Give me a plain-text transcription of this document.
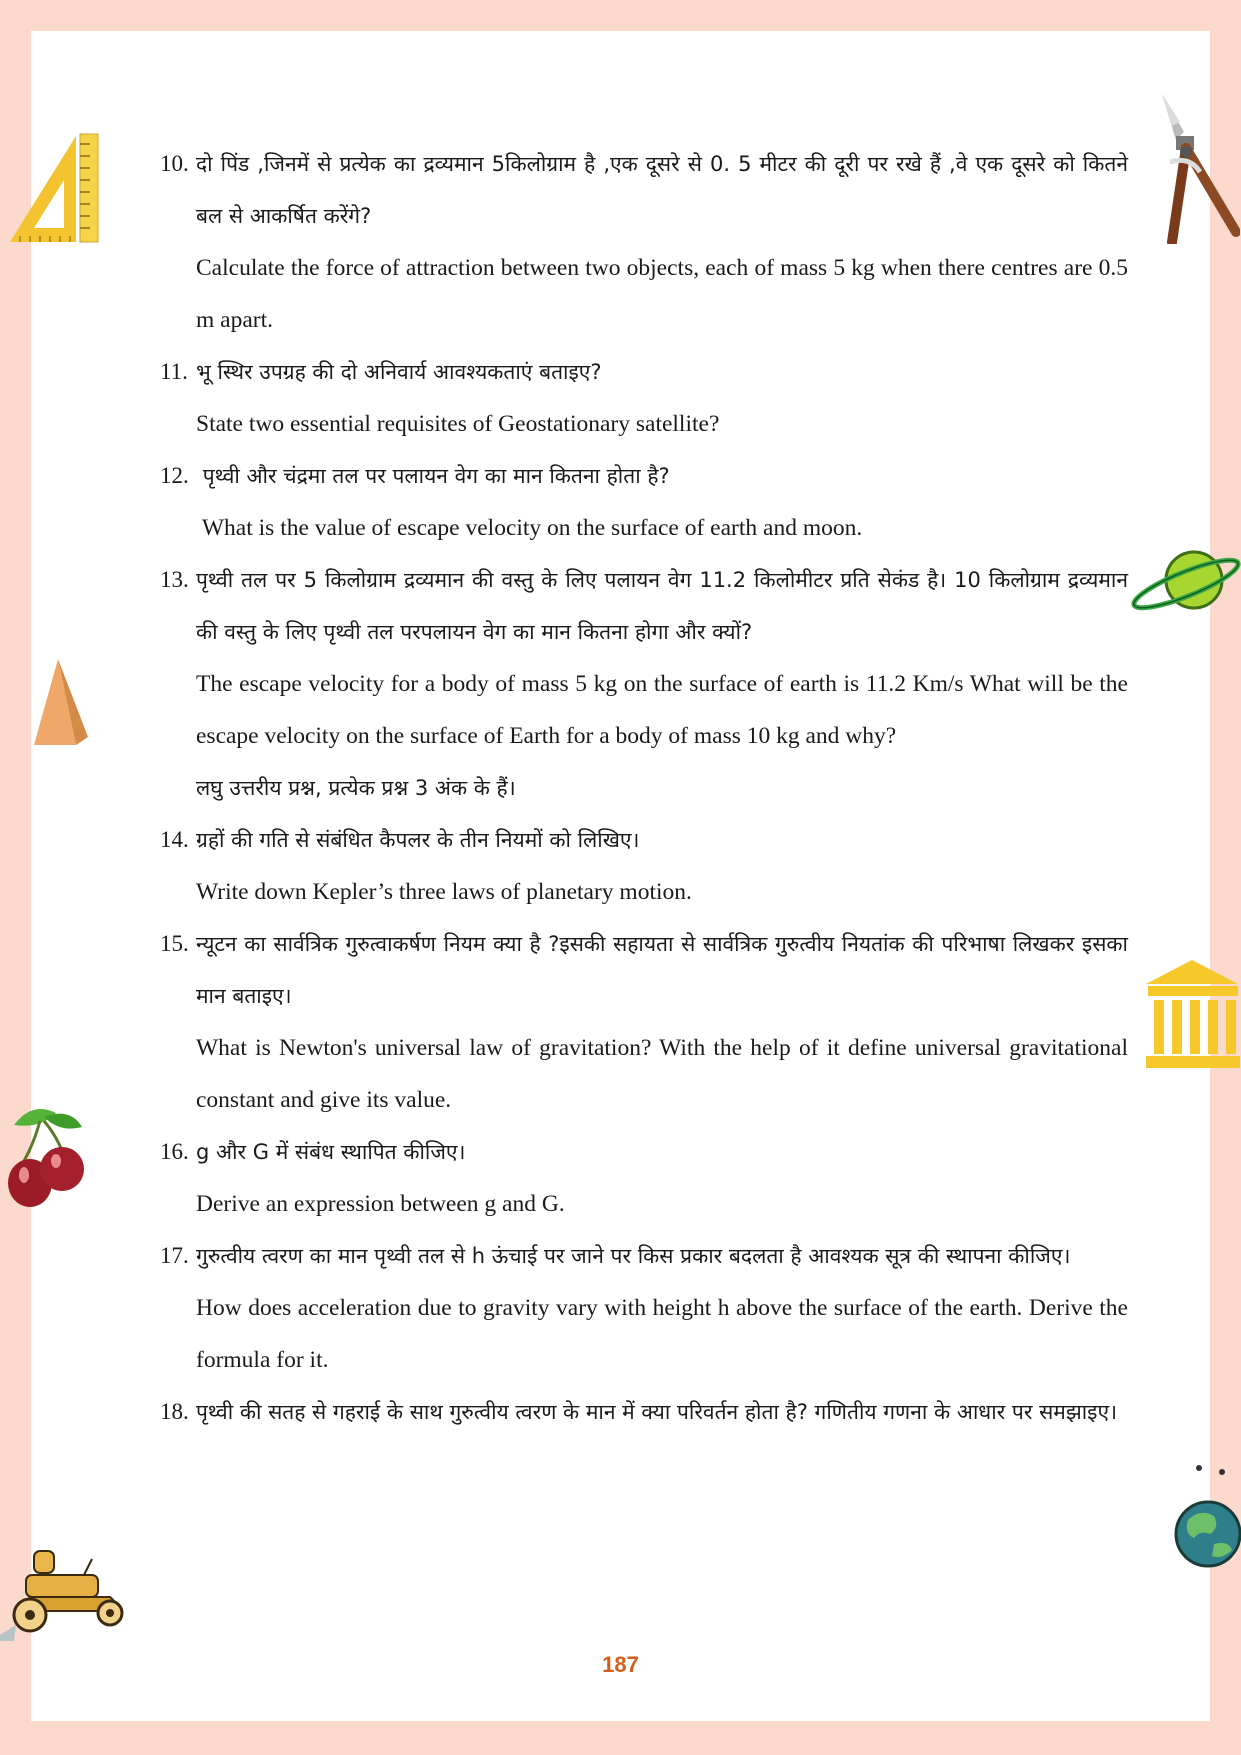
10. दो पिंड ,जिनमें से प्रत्येक का द्रव्यमान 5किलोग्राम है ,एक दूसरे से 0. 5 मीटर की दूरी पर रखे हैं ,वे एक दूसरे को कितने बल से आकर्षित करेंगे?
Calculate the force of attraction between two objects, each of mass 5 kg when there centres are 0.5 m apart.
11. भू स्थिर उपग्रह की दो अनिवार्य आवश्यकताएं बताइए?
State two essential requisites of Geostationary satellite?
12. पृथ्वी और चंद्रमा तल पर पलायन वेग का मान कितना होता है?
What is the value of escape velocity on the surface of earth and moon.
13. पृथ्वी तल पर 5 किलोग्राम द्रव्यमान की वस्तु के लिए पलायन वेग 11.2 किलोमीटर प्रति सेकंड है। 10 किलोग्राम द्रव्यमान की वस्तु के लिए पृथ्वी तल परपलायन वेग का मान कितना होगा और क्यों?
The escape velocity for a body of mass 5 kg on the surface of earth is 11.2 Km/s What will be the escape velocity on the surface of Earth for a body of mass 10 kg and why?
लघु उत्तरीय प्रश्न, प्रत्येक प्रश्न 3 अंक के हैं।
14. ग्रहों की गति से संबंधित कैपलर के तीन नियमों को लिखिए।
Write down Kepler’s three laws of planetary motion.
15. न्यूटन का सार्वत्रिक गुरुत्वाकर्षण नियम क्या है ?इसकी सहायता से सार्वत्रिक गुरुत्वीय नियतांक की परिभाषा लिखकर इसका मान बताइए।
What is Newton's universal law of gravitation? With the help of it define universal gravitational constant and give its value.
16. g और G में संबंध स्थापित कीजिए।
Derive an expression between g and G.
17. गुरुत्वीय त्वरण का मान पृथ्वी तल से h ऊंचाई पर जाने पर किस प्रकार बदलता है आवश्यक सूत्र की स्थापना कीजिए।
How does acceleration due to gravity vary with height h above the surface of the earth. Derive the formula for it.
18. पृथ्वी की सतह से गहराई के साथ गुरुत्वीय त्वरण के मान में क्या परिवर्तन होता है? गणितीय गणना के आधार पर समझाइए।
187
